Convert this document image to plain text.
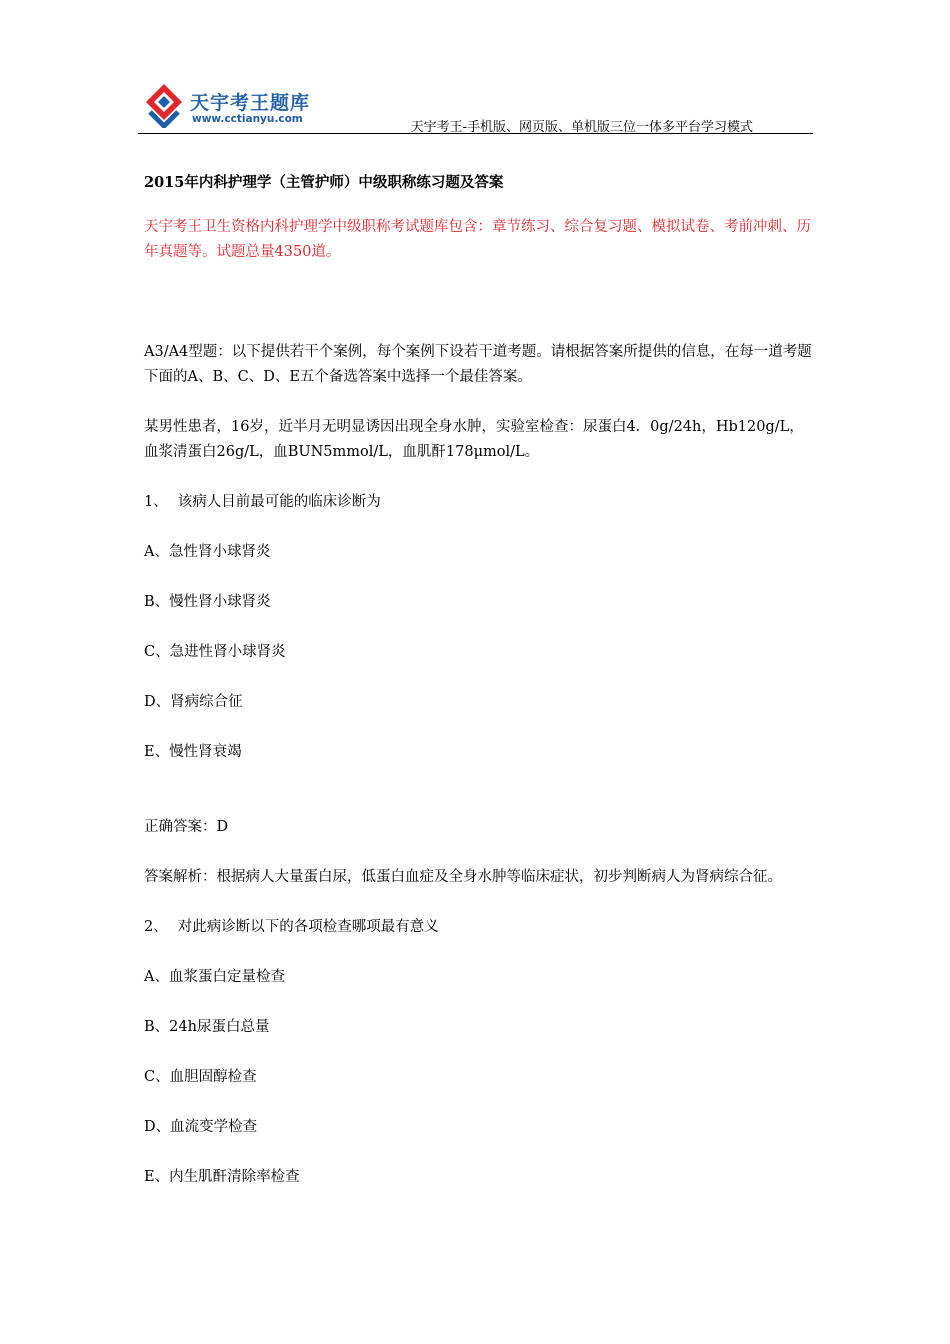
天宇考王题库
www.cctianyu.com
天宇考王-手机版、网页版、单机版三位一体多平台学习模式

2015年内科护理学（主管护师）中级职称练习题及答案

天宇考王卫生资格内科护理学中级职称考试题库包含：章节练习、综合复习题、模拟试卷、考前冲刺、历年真题等。试题总量4350道。

A3/A4型题：以下提供若干个案例，每个案例下设若干道考题。请根据答案所提供的信息，在每一道考题下面的A、B、C、D、E五个备选答案中选择一个最佳答案。

某男性患者，16岁，近半月无明显诱因出现全身水肿，实验室检查：尿蛋白4．0g/24h，Hb120g/L，血浆清蛋白26g/L，血BUN5mmol/L，血肌酐178μmol/L。

1、 该病人目前最可能的临床诊断为

A、急性肾小球肾炎

B、慢性肾小球肾炎

C、急进性肾小球肾炎

D、肾病综合征

E、慢性肾衰竭

正确答案：D

答案解析：根据病人大量蛋白尿，低蛋白血症及全身水肿等临床症状，初步判断病人为肾病综合征。

2、 对此病诊断以下的各项检查哪项最有意义

A、血浆蛋白定量检查

B、24h尿蛋白总量

C、血胆固醇检查

D、血流变学检查

E、内生肌酐清除率检查
